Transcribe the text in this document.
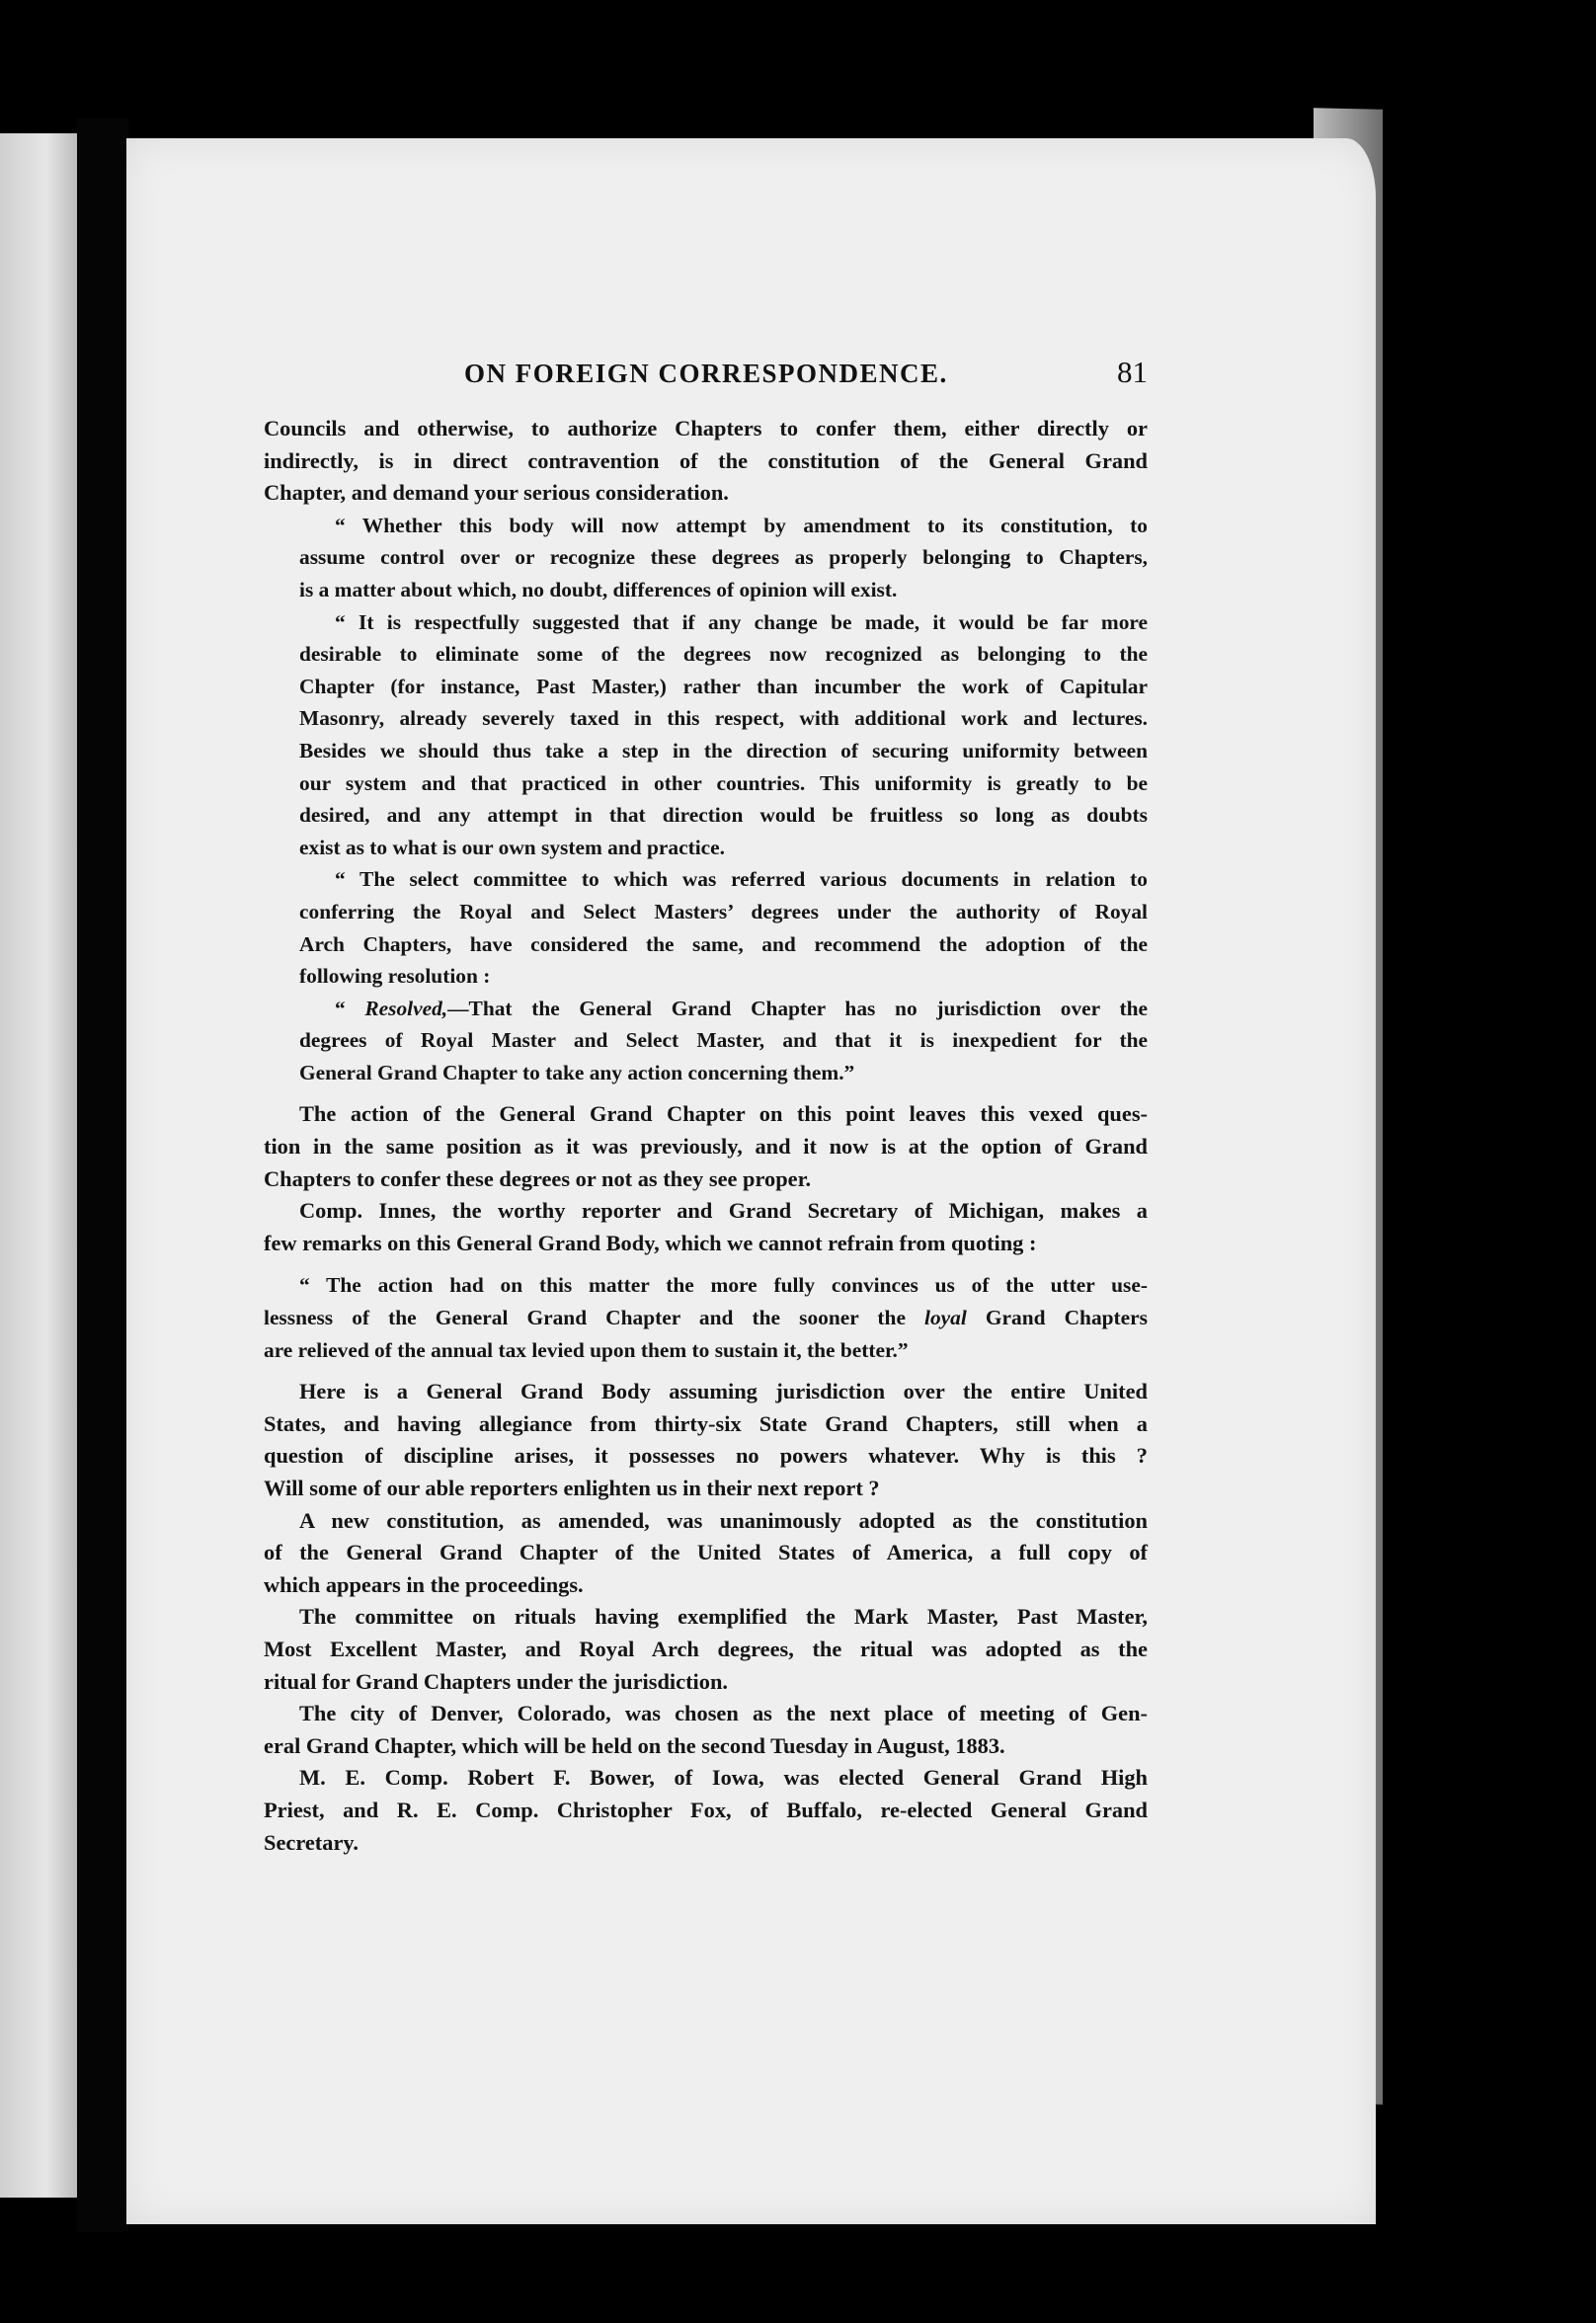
ON FOREIGN CORRESPONDENCE.	81

Councils and otherwise, to authorize Chapters to confer them, either directly or
indirectly, is in direct contravention of the constitution of the General Grand
Chapter, and demand your serious consideration.

“ Whether this body will now attempt by amendment to its constitution, to
assume control over or recognize these degrees as properly belonging to Chapters,
is a matter about which, no doubt, differences of opinion will exist.

“ It is respectfully suggested that if any change be made, it would be far more
desirable to eliminate some of the degrees now recognized as belonging to the
Chapter (for instance, Past Master,) rather than incumber the work of Capitular
Masonry, already severely taxed in this respect, with additional work and lectures.
Besides we should thus take a step in the direction of securing uniformity between
our system and that practiced in other countries. This uniformity is greatly to be
desired, and any attempt in that direction would be fruitless so long as doubts
exist as to what is our own system and practice.

“ The select committee to which was referred various documents in relation to
conferring the Royal and Select Masters’ degrees under the authority of Royal
Arch Chapters, have considered the same, and recommend the adoption of the
following resolution :

“ Resolved,—That the General Grand Chapter has no jurisdiction over the
degrees of Royal Master and Select Master, and that it is inexpedient for the
General Grand Chapter to take any action concerning them.”

The action of the General Grand Chapter on this point leaves this vexed ques-
tion in the same position as it was previously, and it now is at the option of Grand
Chapters to confer these degrees or not as they see proper.

Comp. Innes, the worthy reporter and Grand Secretary of Michigan, makes a
few remarks on this General Grand Body, which we cannot refrain from quoting :

“ The action had on this matter the more fully convinces us of the utter use-
lessness of the General Grand Chapter and the sooner the loyal Grand Chapters
are relieved of the annual tax levied upon them to sustain it, the better.”

Here is a General Grand Body assuming jurisdiction over the entire United
States, and having allegiance from thirty-six State Grand Chapters, still when a
question of discipline arises, it possesses no powers whatever. Why is this ?
Will some of our able reporters enlighten us in their next report ?

A new constitution, as amended, was unanimously adopted as the constitution
of the General Grand Chapter of the United States of America, a full copy of
which appears in the proceedings.

The committee on rituals having exemplified the Mark Master, Past Master,
Most Excellent Master, and Royal Arch degrees, the ritual was adopted as the
ritual for Grand Chapters under the jurisdiction.

The city of Denver, Colorado, was chosen as the next place of meeting of Gen-
eral Grand Chapter, which will be held on the second Tuesday in August, 1883.

M. E. Comp. Robert F. Bower, of Iowa, was elected General Grand High
Priest, and R. E. Comp. Christopher Fox, of Buffalo, re-elected General Grand
Secretary.
